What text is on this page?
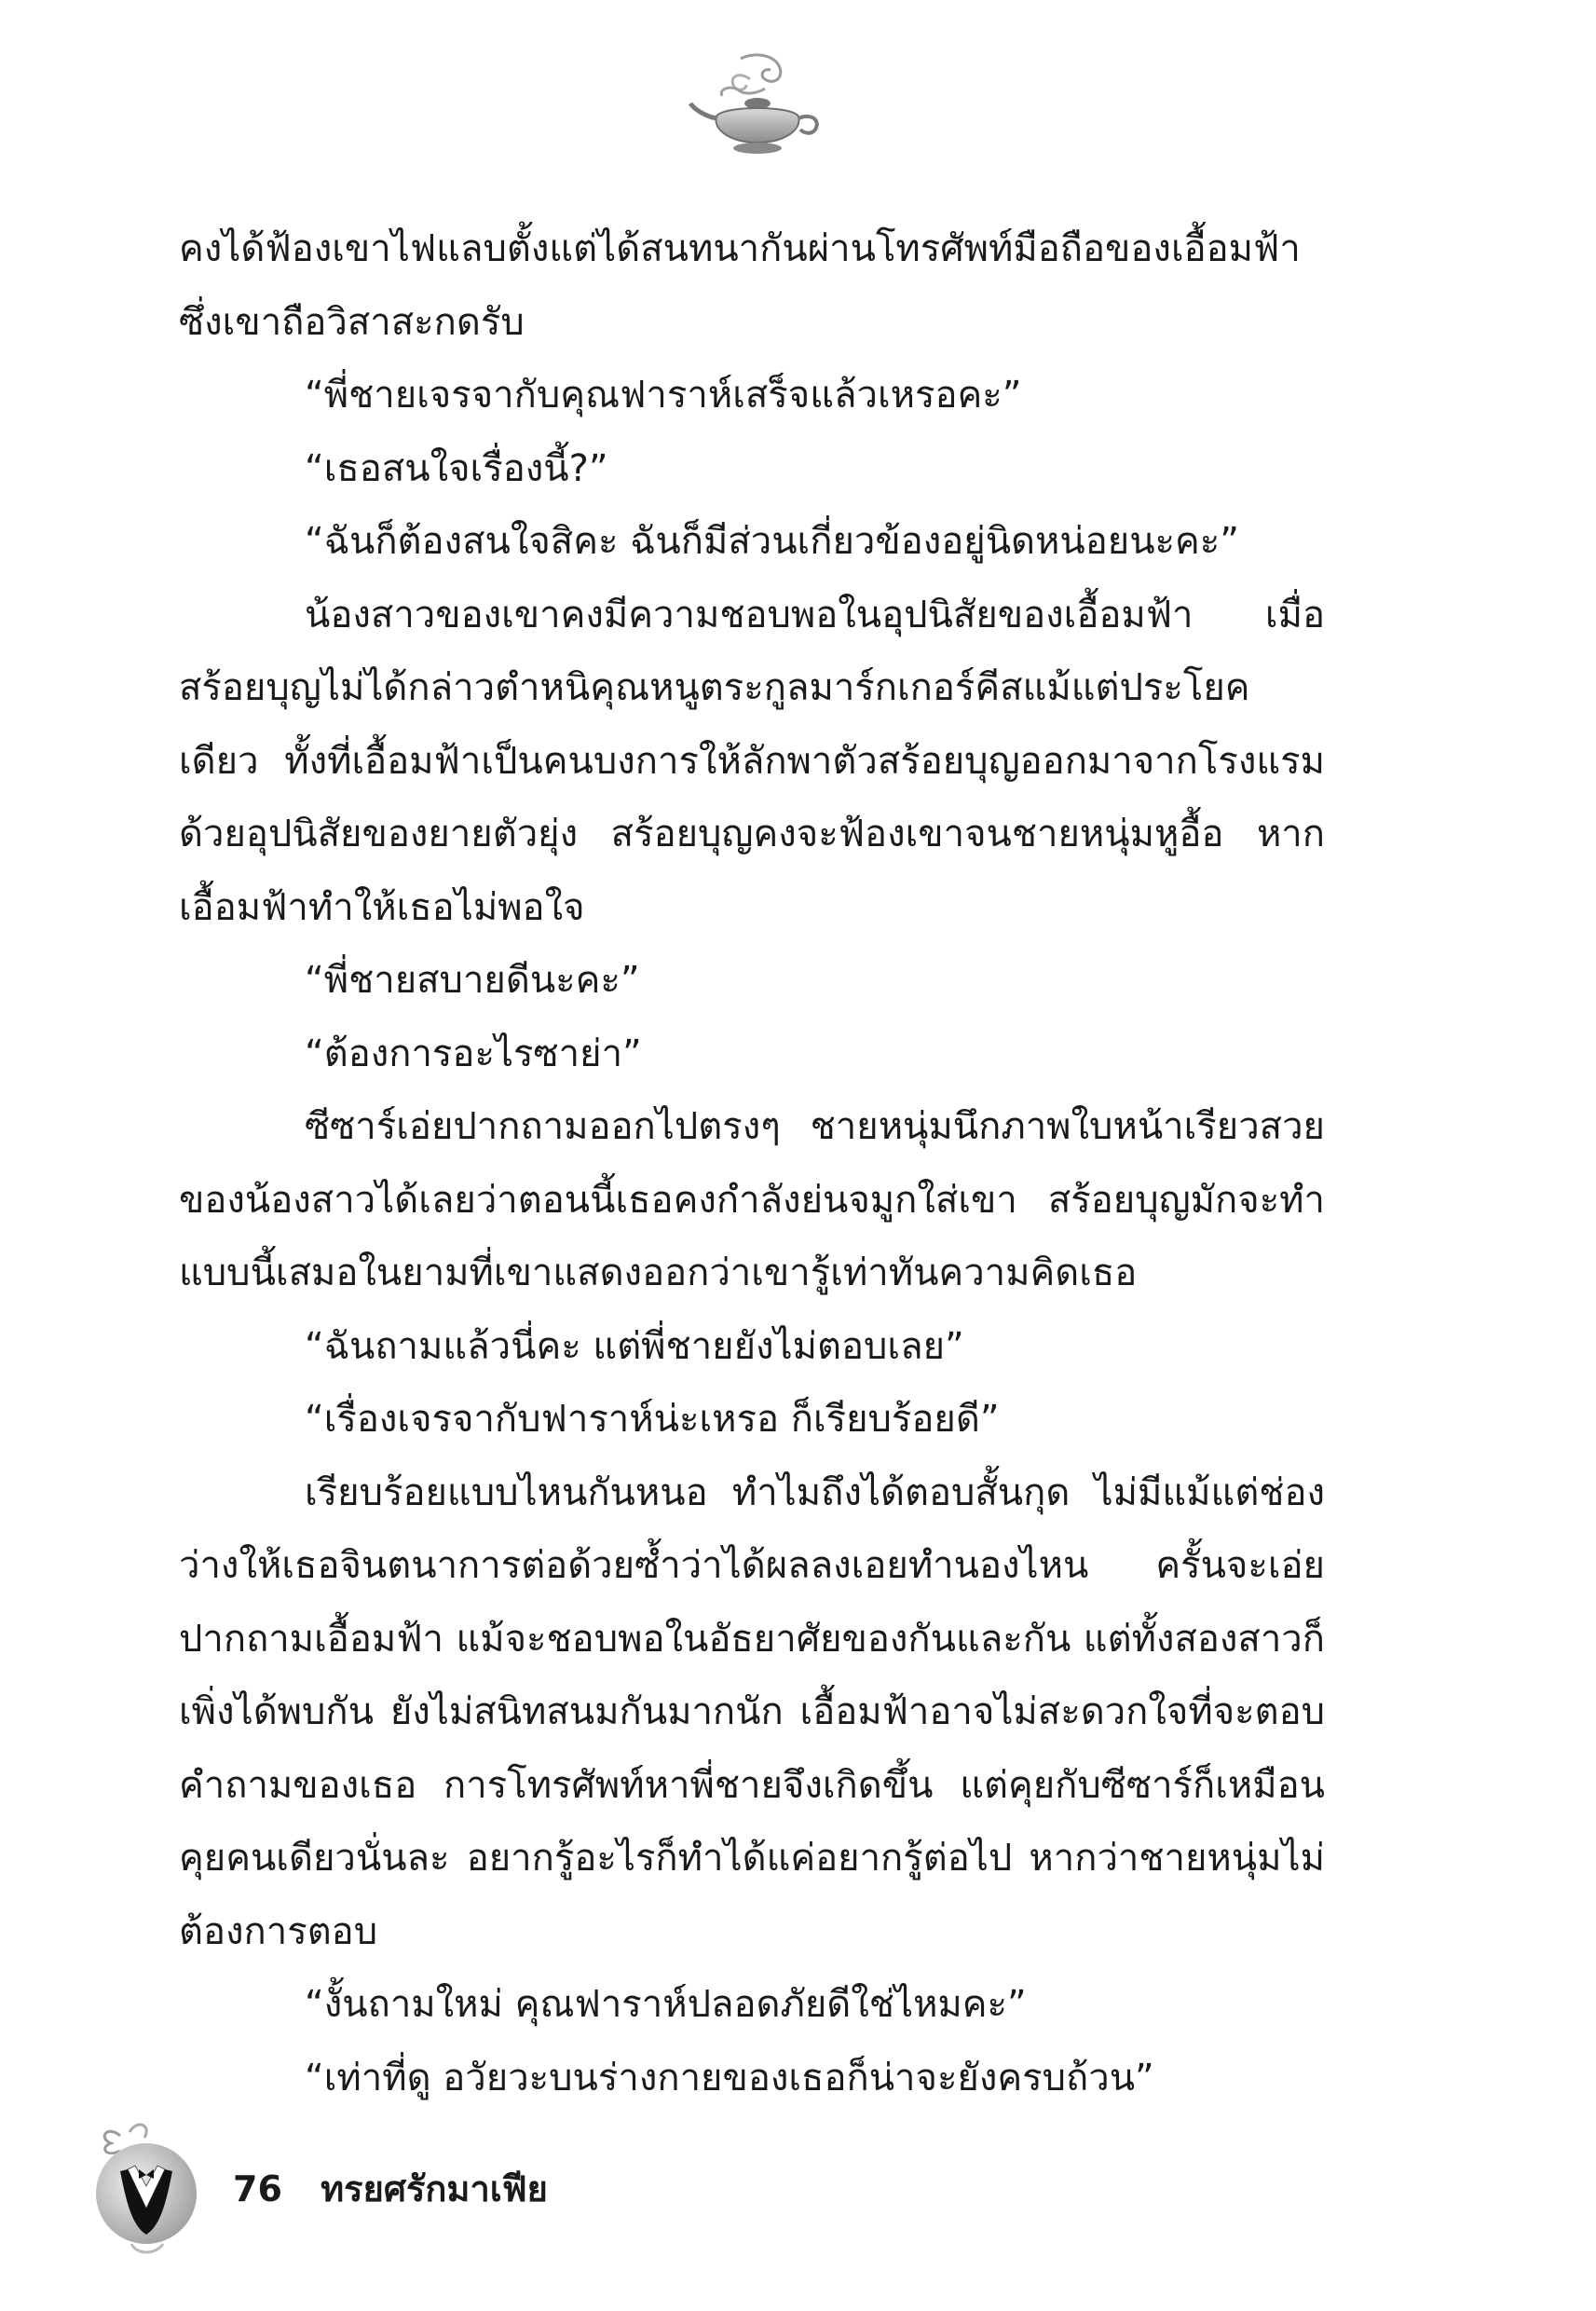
คงได้ฟ้องเขาไฟแลบตั้งแต่ได้สนทนากันผ่านโทรศัพท์มือถือของเอื้อมฟ้า ซึ่งเขาถือวิสาสะกดรับ

“พี่ชายเจรจากับคุณฟาราห์เสร็จแล้วเหรอคะ”

“เธอสนใจเรื่องนี้?”

“ฉันก็ต้องสนใจสิคะ ฉันก็มีส่วนเกี่ยวข้องอยู่นิดหน่อยนะคะ”

น้องสาวของเขาคงมีความชอบพอในอุปนิสัยของเอื้อมฟ้า เมื่อสร้อยบุญไม่ได้กล่าวตำหนิคุณหนูตระกูลมาร์กเกอร์คีสแม้แต่ประโยคเดียว ทั้งที่เอื้อมฟ้าเป็นคนบงการให้ลักพาตัวสร้อยบุญออกมาจากโรงแรม ด้วยอุปนิสัยของยายตัวยุ่ง สร้อยบุญคงจะฟ้องเขาจนชายหนุ่มหูอื้อ หากเอื้อมฟ้าทำให้เธอไม่พอใจ

“พี่ชายสบายดีนะคะ”

“ต้องการอะไรซาย่า”

ซีซาร์เอ่ยปากถามออกไปตรงๆ ชายหนุ่มนึกภาพใบหน้าเรียวสวยของน้องสาวได้เลยว่าตอนนี้เธอคงกำลังย่นจมูกใส่เขา สร้อยบุญมักจะทำแบบนี้เสมอในยามที่เขาแสดงออกว่าเขารู้เท่าทันความคิดเธอ

“ฉันถามแล้วนี่คะ แต่พี่ชายยังไม่ตอบเลย”

“เรื่องเจรจากับฟาราห์น่ะเหรอ ก็เรียบร้อยดี”

เรียบร้อยแบบไหนกันหนอ ทำไมถึงได้ตอบสั้นกุด ไม่มีแม้แต่ช่องว่างให้เธอจินตนาการต่อด้วยซ้ำว่าได้ผลลงเอยทำนองไหน ครั้นจะเอ่ยปากถามเอื้อมฟ้า แม้จะชอบพอในอัธยาศัยของกันและกัน แต่ทั้งสองสาวก็เพิ่งได้พบกัน ยังไม่สนิทสนมกันมากนัก เอื้อมฟ้าอาจไม่สะดวกใจที่จะตอบคำถามของเธอ การโทรศัพท์หาพี่ชายจึงเกิดขึ้น แต่คุยกับซีซาร์ก็เหมือนคุยคนเดียวนั่นละ อยากรู้อะไรก็ทำได้แค่อยากรู้ต่อไป หากว่าชายหนุ่มไม่ต้องการตอบ

“งั้นถามใหม่ คุณฟาราห์ปลอดภัยดีใช่ไหมคะ”

“เท่าที่ดู อวัยวะบนร่างกายของเธอก็น่าจะยังครบถ้วน”

76 ทรยศรักมาเฟีย
